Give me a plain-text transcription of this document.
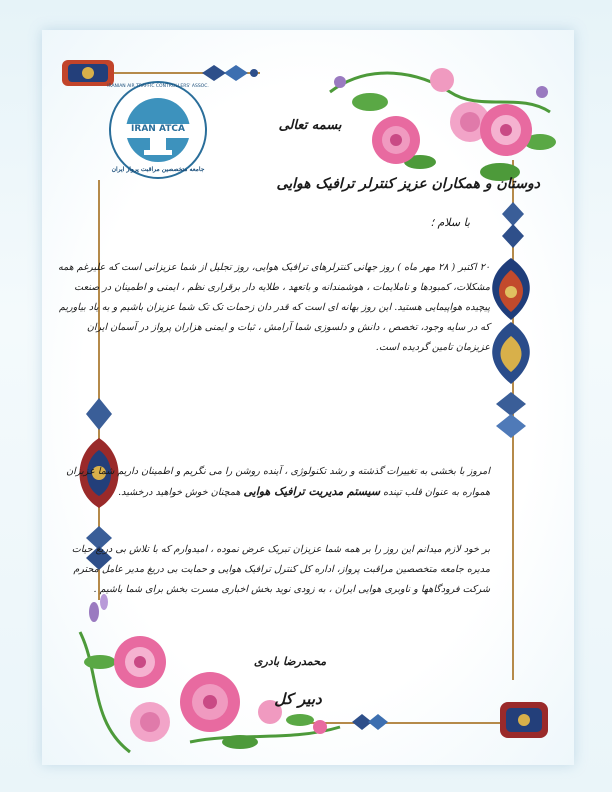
IRAN ATCA
IRANIAN AIR TRAFFIC CONTROLLERS' ASSOC.
جامعه متخصصین مراقبت پرواز ایران
بسمه تعالی
دوستان و همکاران عزیز کنترلر ترافیک هوایی
با سلام ؛
۲۰ اکتبر ( ۲۸ مهر ماه ) روز جهانی کنترلرهای ترافیک هوایی، روز تجلیل از شما عزیزانی است که علیرغم همه مشکلات، کمبودها و ناملایمات ، هوشمندانه و باتعهد ، طلایه دار برقراری نظم ، ایمنی و اطمینان در صنعت پیچیده هواپیمایی هستید. این روز بهانه ای است که قدر دان زحمات تک تک شما عزیزان باشیم و به یاد بیاوریم که در سایه وجود، تخصص ، دانش و دلسوزی شما آرامش ، ثبات و ایمنی هزاران پرواز در آسمان ایران عزیزمان تامین گردیده است.
امروز با بخشی به تغییرات گذشته و رشد تکنولوژی ، آینده روشن را می نگریم و اطمینان داریم شما عزیزان همواره به عنوان قلب تپنده سیستم مدیریت ترافیک هوایی همچنان خوش خواهید درخشید.
بر خود لازم میدانم این روز را بر همه شما عزیزان تبریک عرض نموده ، امیدوارم که با تلاش بی دریغ حیات مدیره جامعه متخصصین مراقبت پرواز، اداره کل کنترل ترافیک هوایی و حمایت بی دریغ مدیر عامل محترم شرکت فرودگاهها و ناوبری هوایی ایران ، به زودی نوید بخش اخباری مسرت بخش برای شما باشیم .
محمدرضا بادری
دبیر کل
